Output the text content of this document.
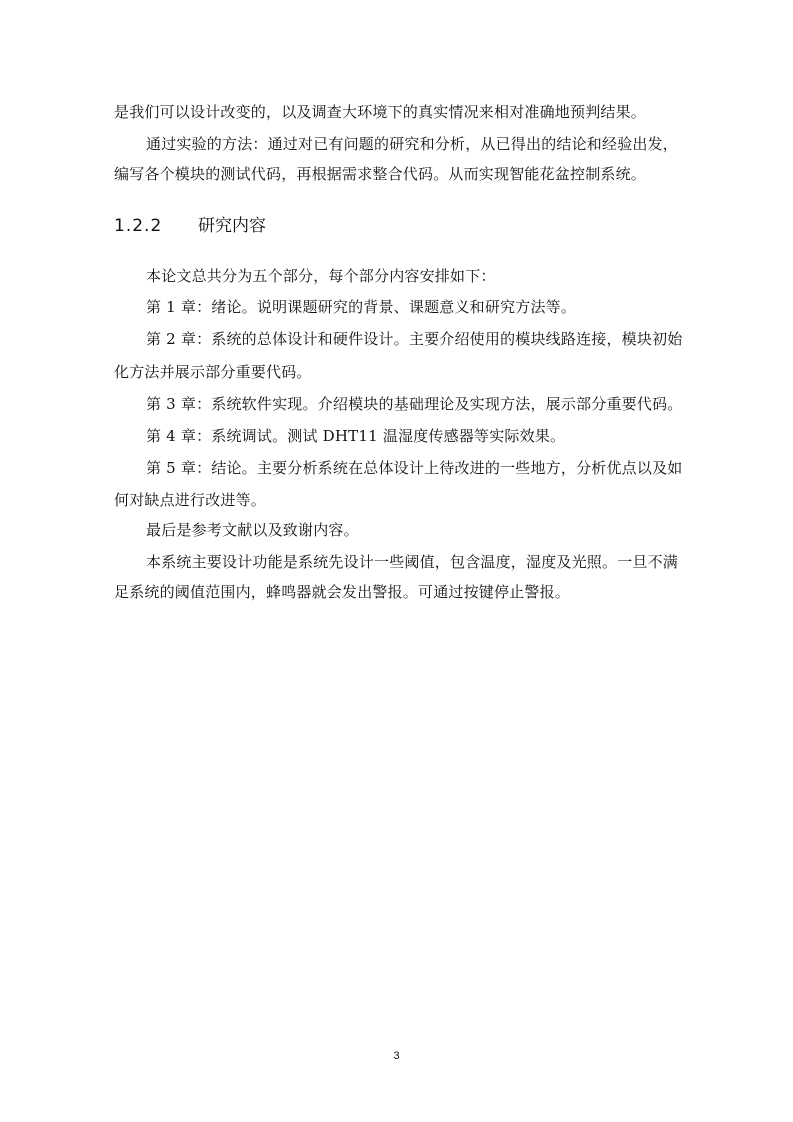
是我们可以设计改变的，以及调查大环境下的真实情况来相对准确地预判结果。
通过实验的方法：通过对已有问题的研究和分析，从已得出的结论和经验出发，
编写各个模块的测试代码，再根据需求整合代码。从而实现智能花盆控制系统。
1.2.2 研究内容
本论文总共分为五个部分，每个部分内容安排如下：
第 1 章：绪论。说明课题研究的背景、课题意义和研究方法等。
第 2 章：系统的总体设计和硬件设计。主要介绍使用的模块线路连接，模块初始
化方法并展示部分重要代码。
第 3 章：系统软件实现。介绍模块的基础理论及实现方法，展示部分重要代码。
第 4 章：系统调试。测试 DHT11 温湿度传感器等实际效果。
第 5 章：结论。主要分析系统在总体设计上待改进的一些地方，分析优点以及如
何对缺点进行改进等。
最后是参考文献以及致谢内容。
本系统主要设计功能是系统先设计一些阈值，包含温度，湿度及光照。一旦不满
足系统的阈值范围内，蜂鸣器就会发出警报。可通过按键停止警报。
3
